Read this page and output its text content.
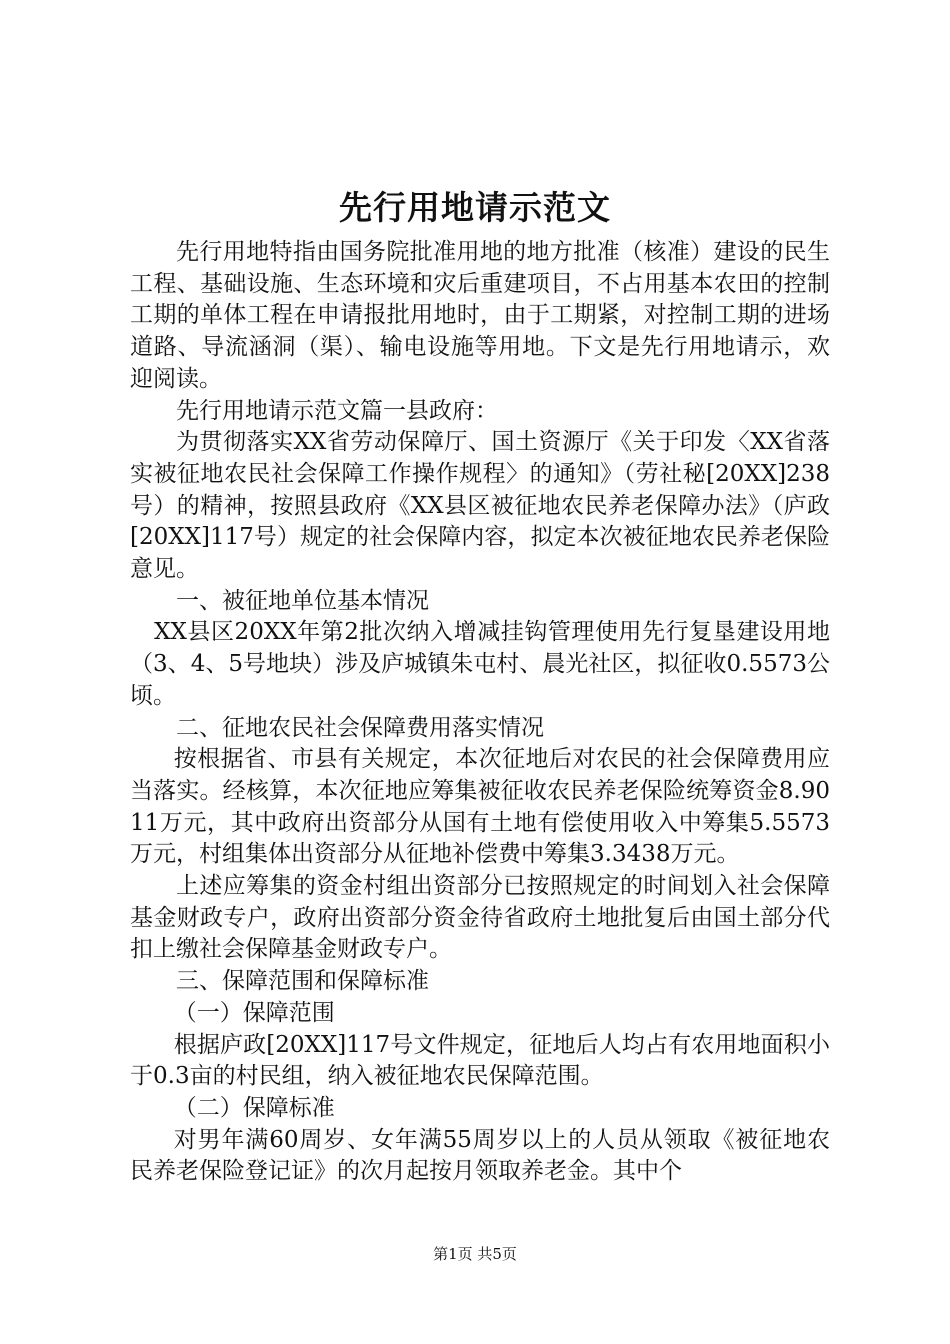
先行用地请示范文

先行用地特指由国务院批准用地的地方批准（核准）建设的民生工程、基础设施、生态环境和灾后重建项目，不占用基本农田的控制工期的单体工程在申请报批用地时，由于工期紧，对控制工期的进场道路、导流涵洞（渠）、输电设施等用地。下文是先行用地请示，欢迎阅读。

先行用地请示范文篇一县政府：

为贯彻落实XX省劳动保障厅、国土资源厅《关于印发〈XX省落实被征地农民社会保障工作操作规程〉的通知》（劳社秘[20XX]238号）的精神，按照县政府《XX县区被征地农民养老保障办法》（庐政[20XX]117号）规定的社会保障内容，拟定本次被征地农民养老保险意见。

一、被征地单位基本情况

XX县区20XX年第2批次纳入增减挂钩管理使用先行复垦建设用地（3、4、5号地块）涉及庐城镇朱屯村、晨光社区，拟征收0.5573公顷。

二、征地农民社会保障费用落实情况

按根据省、市县有关规定，本次征地后对农民的社会保障费用应当落实。经核算，本次征地应筹集被征收农民养老保险统筹资金8.9011万元，其中政府出资部分从国有土地有偿使用收入中筹集5.5573万元，村组集体出资部分从征地补偿费中筹集3.3438万元。

上述应筹集的资金村组出资部分已按照规定的时间划入社会保障基金财政专户，政府出资部分资金待省政府土地批复后由国土部分代扣上缴社会保障基金财政专户。

三、保障范围和保障标准

（一）保障范围

根据庐政[20XX]117号文件规定，征地后人均占有农用地面积小于0.3亩的村民组，纳入被征地农民保障范围。

（二）保障标准

对男年满60周岁、女年满55周岁以上的人员从领取《被征地农民养老保险登记证》的次月起按月领取养老金。其中个

第1页 共5页
